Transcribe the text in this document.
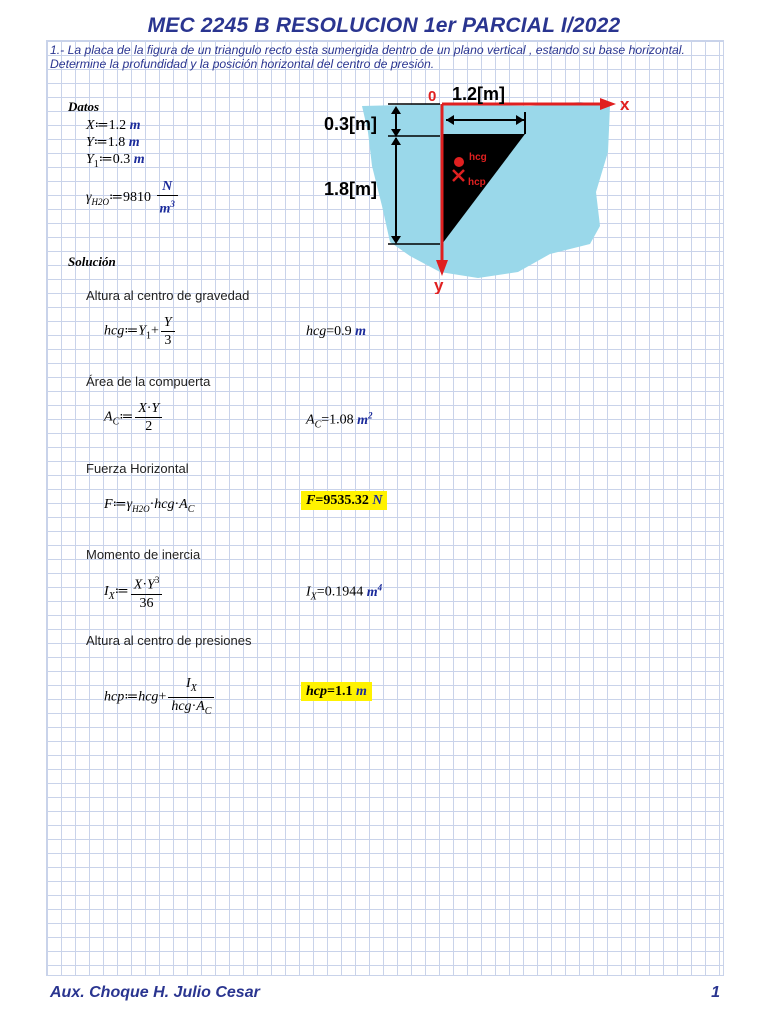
MEC 2245 B RESOLUCION 1er PARCIAL I/2022
1.- La placa de la figura de un triangulo recto esta sumergida dentro de un plano vertical , estando su base horizontal. Determine la profundidad y la posición horizontal del centro de presión.
Datos
X≔1.2 m
Y≔1.8 m
$Y_1≔0.3$ m
$\gamma_{H2O}≔9810 \frac{N}{m^3}$
0 1.2[m]
x
y
0.3[m]
1.8[m]
hcg
hcp
Solución
Altura al centro de gravedad
$hcg≔Y_1+ \frac{Y}{3}$	hcg=0.9 m
Área de la compuerta
$A_C≔ \frac{X\cdot Y}{2}$	$A_C=1.08$ $m^2$
Fuerza Horizontal
$F≔\gamma_{H2O}\cdot hcg\cdot A_C$
F=9535.32 N
Momento de inercia
$I_X≔ \frac{X\cdot Y^3}{36}$	$I_X=0.1944$ $m^4$
Altura al centro de presiones
hcp≔hcg+ $\frac{I_X}{hcg\cdot A_C}$	hcp=1.1 m
Aux. Choque H. Julio Cesar	1
